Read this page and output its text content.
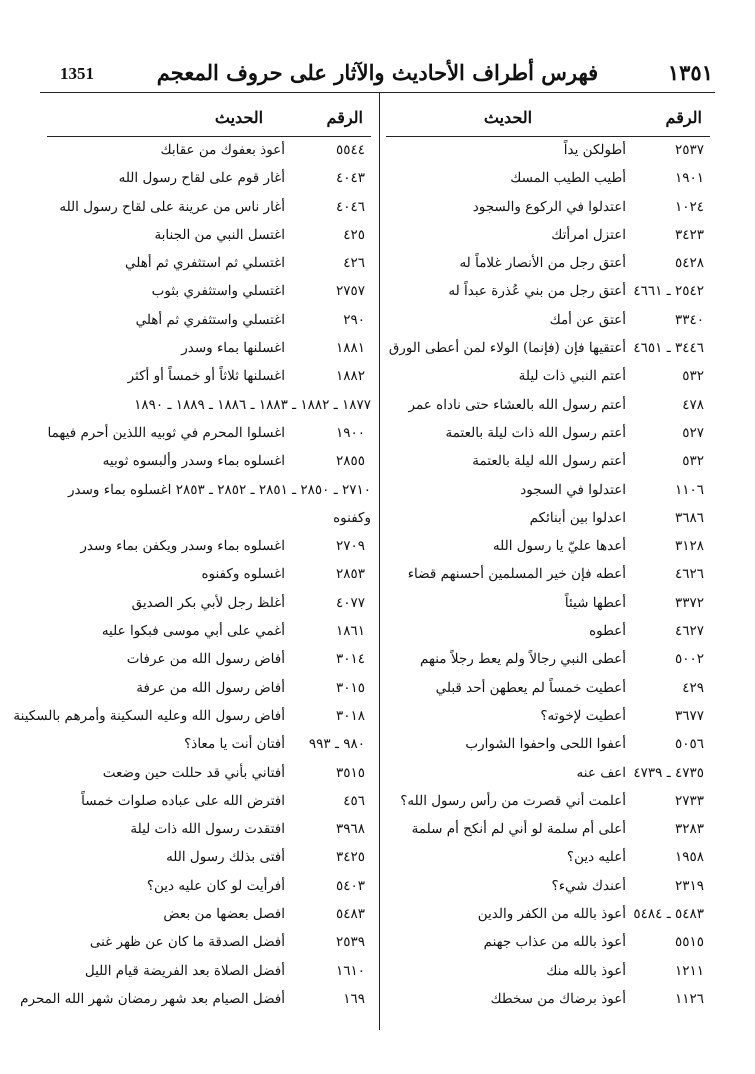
1351	فهرس أطراف الأحاديث والآثار على حروف المعجم	١٣٥١
الرقم
الحديث
٢٥٣٧
أطولكن يداً
١٩٠١
أطيب الطيب المسك
١٠٢٤
اعتدلوا في الركوع والسجود
٣٤٢٣
اعتزل امرأتك
٥٤٢٨
أعتق رجل من الأنصار غلاماً له
٢٥٤٢ ـ ٤٦٦١
أعتق رجل من بني عُذرة عبداً له
٣٣٤٠
أعتق عن أمك
٣٤٤٦ ـ ٤٦٥١
أعتقيها فإن (فإنما) الولاء لمن أعطى الورق
٥٣٢
أعتم النبي ذات ليلة
٤٧٨
أعتم رسول الله بالعشاء حتى ناداه عمر
٥٢٧
أعتم رسول الله ذات ليلة بالعتمة
٥٣٢
أعتم رسول الله ليلة بالعتمة
١١٠٦
اعتدلوا في السجود
٣٦٨٦
اعدلوا بين أبنائكم
٣١٢٨
أعدها عليّ يا رسول الله
٤٦٢٦
أعطه فإن خير المسلمين أحسنهم قضاء
٣٣٧٢
أعطها شيئاً
٤٦٢٧
أعطوه
٥٠٠٢
أعطى النبي رجالاً ولم يعط رجلاً منهم
٤٢٩
أعطيت خمساً لم يعطهن أحد قبلي
٣٦٧٧
أعطيت لإخوته؟
٥٠٥٦
أعفوا اللحى واحفوا الشوارب
٤٧٣٥ ـ ٤٧٣٩
اعف عنه
٢٧٣٣
أعلمت أني قصرت من رأس رسول الله؟
٣٢٨٣
أعلى أم سلمة لو أني لم أنكح أم سلمة
١٩٥٨
أعليه دين؟
٢٣١٩
أعندك شيء؟
٥٤٨٣ ـ ٥٤٨٤
أعوذ بالله من الكفر والدين
٥٥١٥
أعوذ بالله من عذاب جهنم
١٢١١
أعوذ بالله منك
١١٢٦
أعوذ برضاك من سخطك
الرقم
الحديث
٥٥٤٤
أعوذ بعفوك من عقابك
٤٠٤٣
أغار قوم على لقاح رسول الله
٤٠٤٦
أغار ناس من عرينة على لقاح رسول الله
٤٢٥
اغتسل النبي من الجنابة
٤٢٦
اغتسلي ثم استثفري ثم أهلي
٢٧٥٧
اغتسلي واستثفري بثوب
٢٩٠
اغتسلي واستثفري ثم أهلي
١٨٨١
اغسلنها بماء وسدر
١٨٨٢
اغسلنها ثلاثاً أو خمساً أو أكثر
١٨٧٧ ـ ١٨٨٢ ـ ١٨٨٣ ـ ١٨٨٦ ـ ١٨٨٩ ـ ١٨٩٠
١٩٠٠
اغسلوا المحرم في ثوبيه اللذين أحرم فيهما
٢٨٥٥
اغسلوه بماء وسدر وألبسوه ثوبيه
٢٧١٠ ـ ٢٨٥٠ ـ ٢٨٥١ ـ ٢٨٥٢ ـ ٢٨٥٣ اغسلوه بماء وسدر
وكفنوه
٢٧٠٩
اغسلوه بماء وسدر ويكفن بماء وسدر
٢٨٥٣
اغسلوه وكفنوه
٤٠٧٧
أغلظ رجل لأبي بكر الصديق
١٨٦١
أغمي على أبي موسى فبكوا عليه
٣٠١٤
أفاض رسول الله من عرفات
٣٠١٥
أفاض رسول الله من عرفة
٣٠١٨
أفاض رسول الله وعليه السكينة وأمرهم بالسكينة
٩٨٠ ـ ٩٩٣
أفتان أنت يا معاذ؟
٣٥١٥
أفتاني بأني قد حللت حين وضعت
٤٥٦
افترض الله على عباده صلوات خمساً
٣٩٦٨
افتقدت رسول الله ذات ليلة
٣٤٢٥
أفتى بذلك رسول الله
٥٤٠٣
أفرأيت لو كان عليه دين؟
٥٤٨٣
افصل بعضها من بعض
٢٥٣٩
أفضل الصدقة ما كان عن ظهر غنى
١٦١٠
أفضل الصلاة بعد الفريضة قيام الليل
١٦٩
أفضل الصيام بعد شهر رمضان شهر الله المحرم
